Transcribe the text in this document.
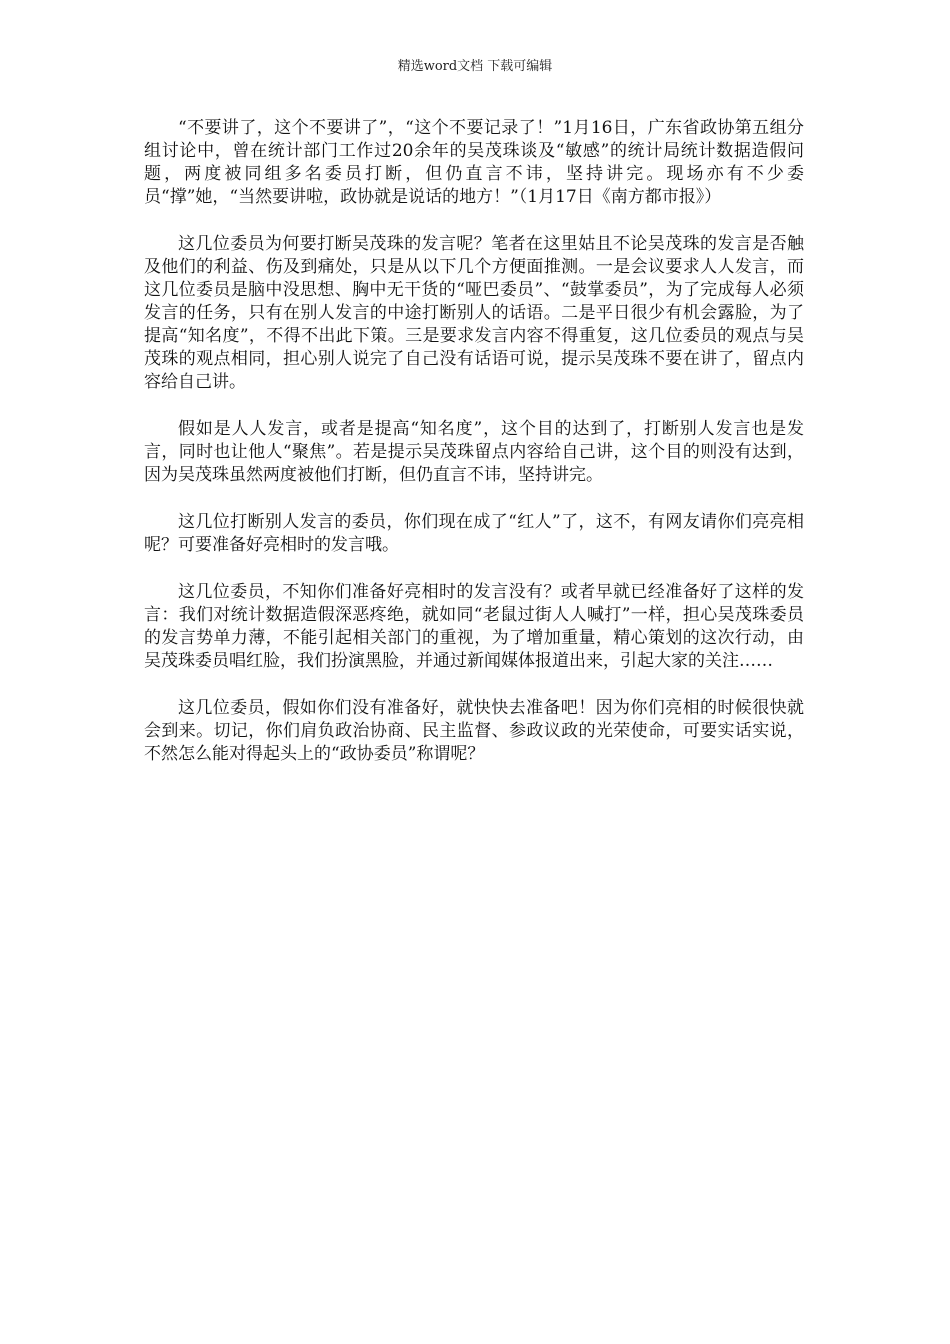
精选word文档 下载可编辑

“不要讲了，这个不要讲了”，“这个不要记录了！”1月16日，广东省政协第五组分组讨论中，曾在统计部门工作过20余年的吴茂珠谈及“敏感”的统计局统计数据造假问题，两度被同组多名委员打断，但仍直言不讳，坚持讲完。现场亦有不少委员“撑”她，“当然要讲啦，政协就是说话的地方！”（1月17日《南方都市报》）

这几位委员为何要打断吴茂珠的发言呢？笔者在这里姑且不论吴茂珠的发言是否触及他们的利益、伤及到痛处，只是从以下几个方便面推测。一是会议要求人人发言，而这几位委员是脑中没思想、胸中无干货的“哑巴委员”、“鼓掌委员”，为了完成每人必须发言的任务，只有在别人发言的中途打断别人的话语。二是平日很少有机会露脸，为了提高“知名度”，不得不出此下策。三是要求发言内容不得重复，这几位委员的观点与吴茂珠的观点相同，担心别人说完了自己没有话语可说，提示吴茂珠不要在讲了，留点内容给自己讲。

假如是人人发言，或者是提高“知名度”，这个目的达到了，打断别人发言也是发言，同时也让他人“聚焦”。若是提示吴茂珠留点内容给自己讲，这个目的则没有达到，因为吴茂珠虽然两度被他们打断，但仍直言不讳，坚持讲完。

这几位打断别人发言的委员，你们现在成了“红人”了，这不，有网友请你们亮亮相呢？可要准备好亮相时的发言哦。

这几位委员，不知你们准备好亮相时的发言没有？或者早就已经准备好了这样的发言：我们对统计数据造假深恶疼绝，就如同“老鼠过街人人喊打”一样，担心吴茂珠委员的发言势单力薄，不能引起相关部门的重视，为了增加重量，精心策划的这次行动，由吴茂珠委员唱红脸，我们扮演黑脸，并通过新闻媒体报道出来，引起大家的关注……

这几位委员，假如你们没有准备好，就快快去准备吧！因为你们亮相的时候很快就会到来。切记，你们肩负政治协商、民主监督、参政议政的光荣使命，可要实话实说，不然怎么能对得起头上的“政协委员”称谓呢？
